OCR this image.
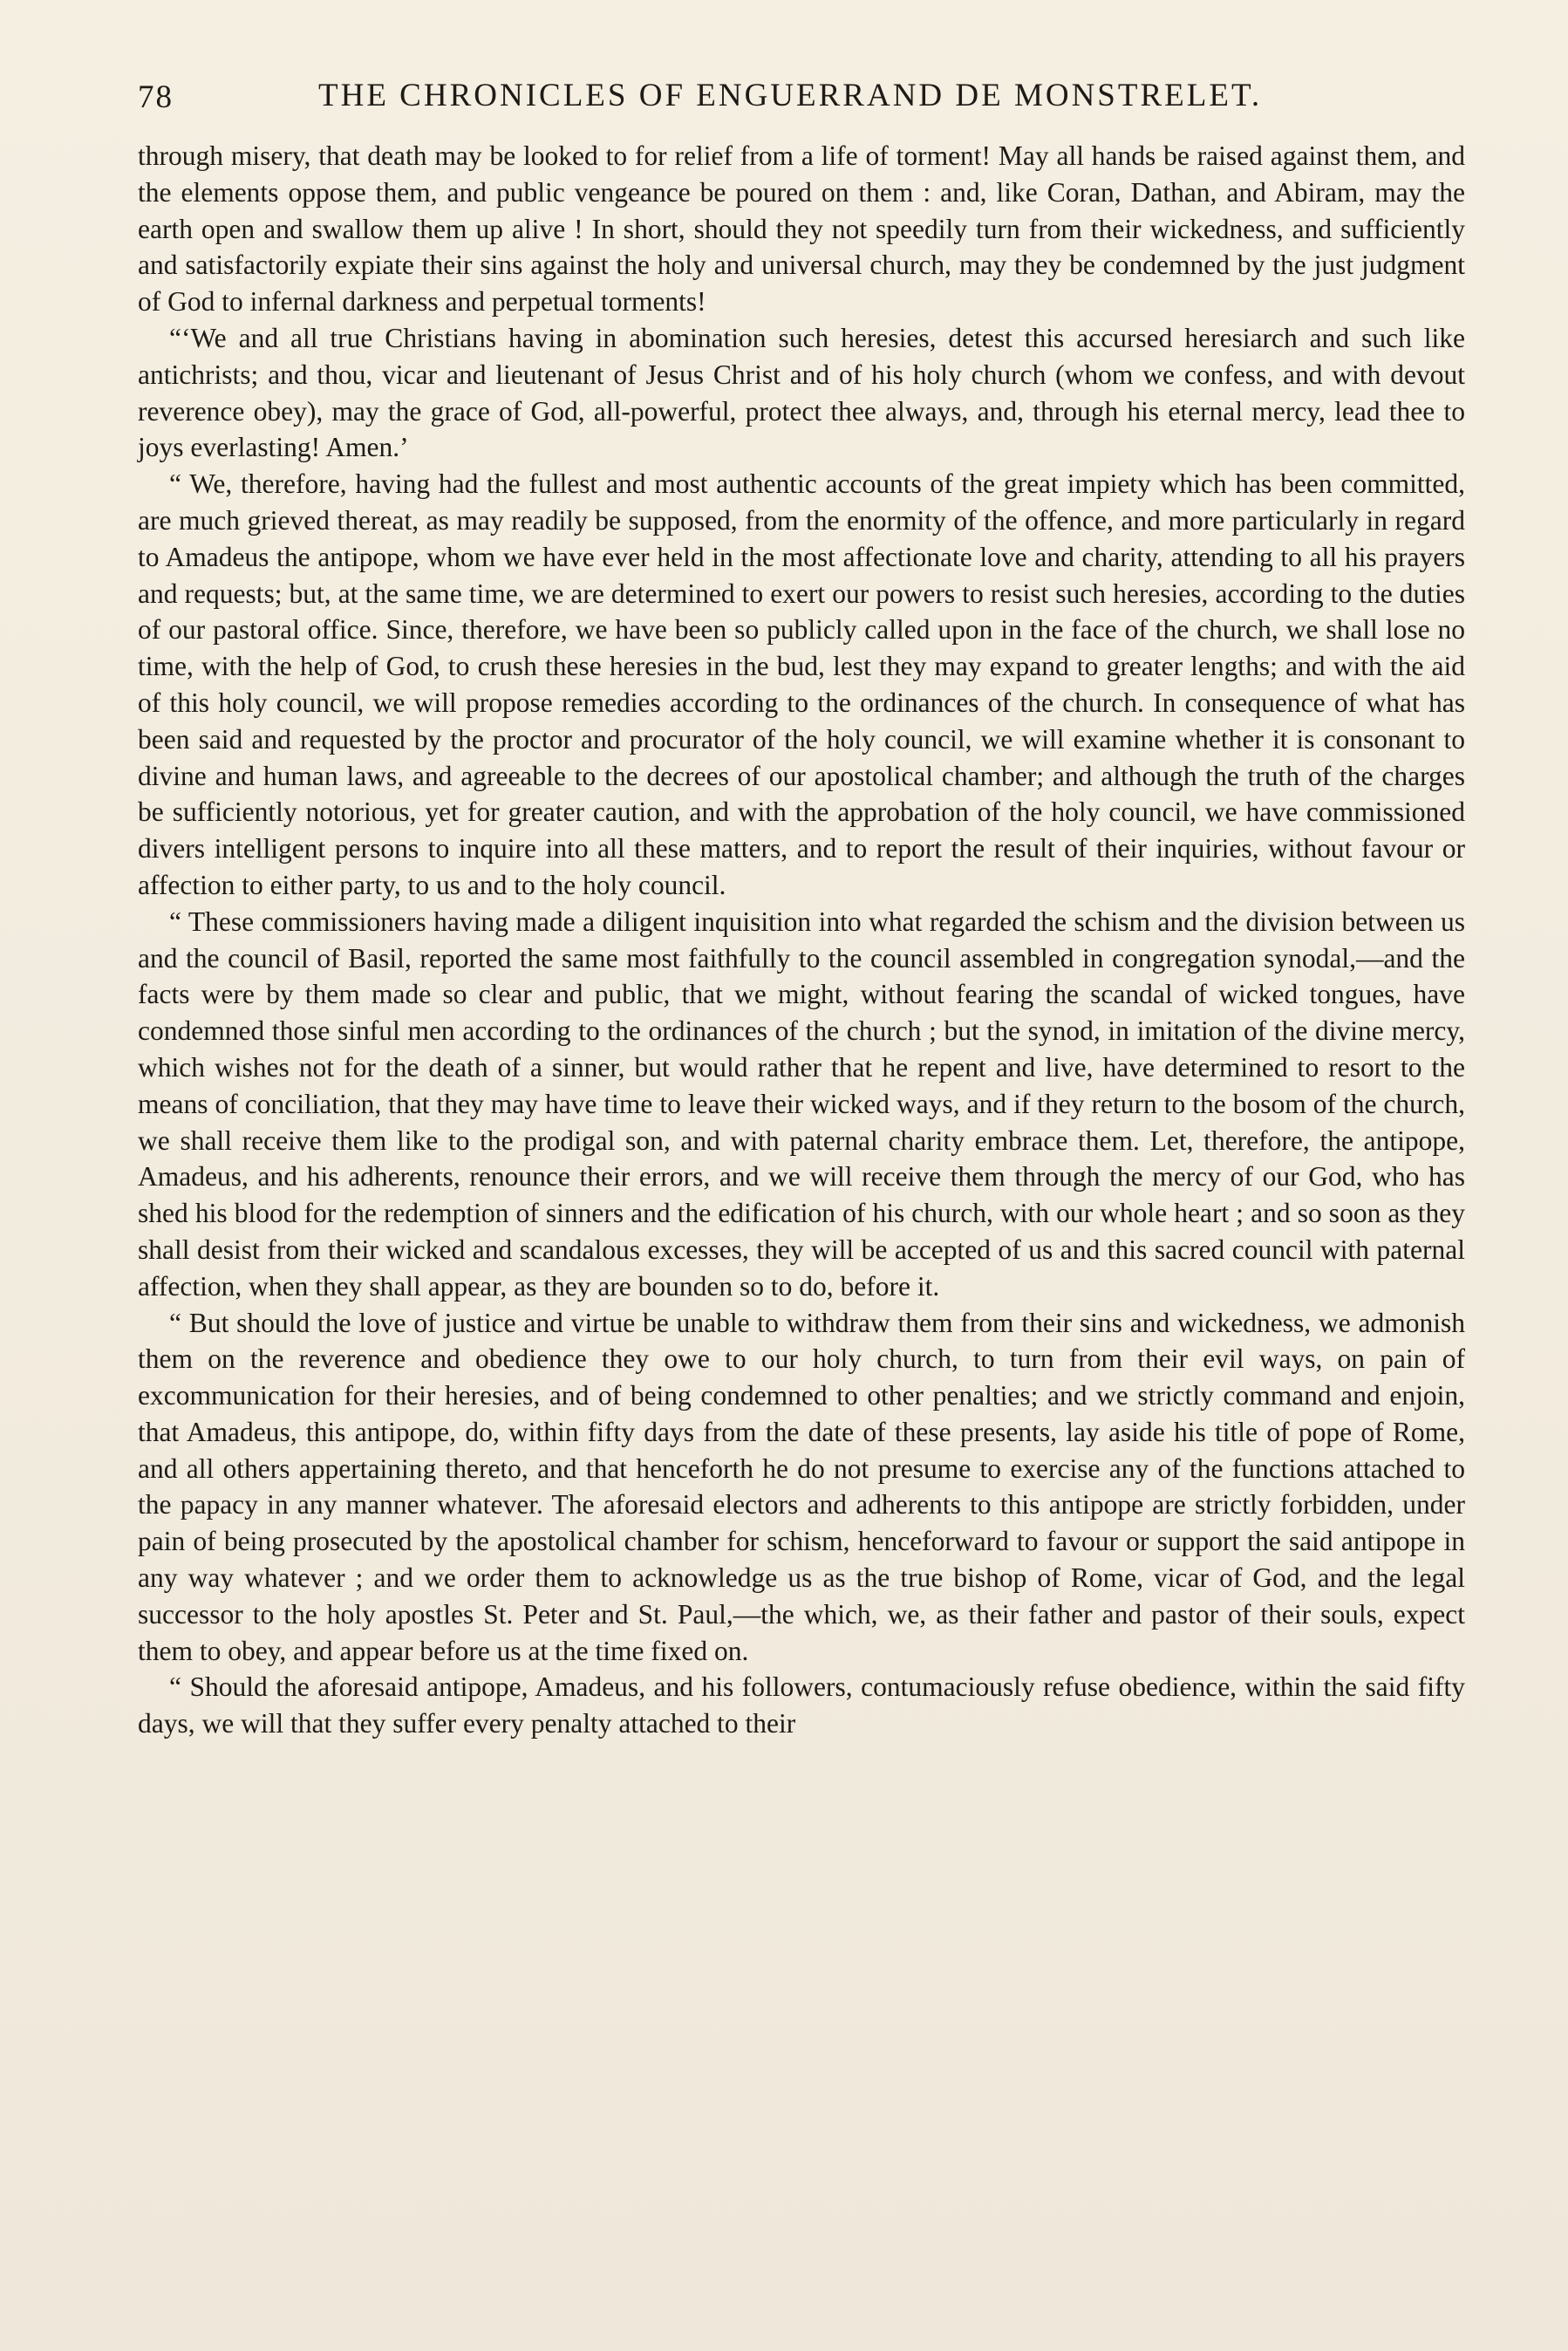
78	THE CHRONICLES OF ENGUERRAND DE MONSTRELET.

through misery, that death may be looked to for relief from a life of torment! May all hands be raised against them, and the elements oppose them, and public vengeance be poured on them : and, like Coran, Dathan, and Abiram, may the earth open and swallow them up alive ! In short, should they not speedily turn from their wickedness, and sufficiently and satisfactorily expiate their sins against the holy and universal church, may they be condemned by the just judgment of God to infernal darkness and perpetual torments!

“‘We and all true Christians having in abomination such heresies, detest this accursed heresiarch and such like antichrists; and thou, vicar and lieutenant of Jesus Christ and of his holy church (whom we confess, and with devout reverence obey), may the grace of God, all-powerful, protect thee always, and, through his eternal mercy, lead thee to joys everlasting! Amen.’

“ We, therefore, having had the fullest and most authentic accounts of the great impiety which has been committed, are much grieved thereat, as may readily be supposed, from the enormity of the offence, and more particularly in regard to Amadeus the antipope, whom we have ever held in the most affectionate love and charity, attending to all his prayers and requests; but, at the same time, we are determined to exert our powers to resist such heresies, according to the duties of our pastoral office. Since, therefore, we have been so publicly called upon in the face of the church, we shall lose no time, with the help of God, to crush these heresies in the bud, lest they may expand to greater lengths; and with the aid of this holy council, we will propose remedies according to the ordinances of the church. In consequence of what has been said and requested by the proctor and procurator of the holy council, we will examine whether it is consonant to divine and human laws, and agreeable to the decrees of our apostolical chamber; and although the truth of the charges be sufficiently notorious, yet for greater caution, and with the approbation of the holy council, we have commissioned divers intelligent persons to inquire into all these matters, and to report the result of their inquiries, without favour or affection to either party, to us and to the holy council.

“ These commissioners having made a diligent inquisition into what regarded the schism and the division between us and the council of Basil, reported the same most faithfully to the council assembled in congregation synodal,—and the facts were by them made so clear and public, that we might, without fearing the scandal of wicked tongues, have condemned those sinful men according to the ordinances of the church ; but the synod, in imitation of the divine mercy, which wishes not for the death of a sinner, but would rather that he repent and live, have determined to resort to the means of conciliation, that they may have time to leave their wicked ways, and if they return to the bosom of the church, we shall receive them like to the prodigal son, and with paternal charity embrace them. Let, therefore, the antipope, Amadeus, and his adherents, renounce their errors, and we will receive them through the mercy of our God, who has shed his blood for the redemption of sinners and the edification of his church, with our whole heart ; and so soon as they shall desist from their wicked and scandalous excesses, they will be accepted of us and this sacred council with paternal affection, when they shall appear, as they are bounden so to do, before it.

“ But should the love of justice and virtue be unable to withdraw them from their sins and wickedness, we admonish them on the reverence and obedience they owe to our holy church, to turn from their evil ways, on pain of excommunication for their heresies, and of being condemned to other penalties; and we strictly command and enjoin, that Amadeus, this antipope, do, within fifty days from the date of these presents, lay aside his title of pope of Rome, and all others appertaining thereto, and that henceforth he do not presume to exercise any of the functions attached to the papacy in any manner whatever. The aforesaid electors and adherents to this antipope are strictly forbidden, under pain of being prosecuted by the apostolical chamber for schism, henceforward to favour or support the said antipope in any way whatever ; and we order them to acknowledge us as the true bishop of Rome, vicar of God, and the legal successor to the holy apostles St. Peter and St. Paul,—the which, we, as their father and pastor of their souls, expect them to obey, and appear before us at the time fixed on.

“ Should the aforesaid antipope, Amadeus, and his followers, contumaciously refuse obedience, within the said fifty days, we will that they suffer every penalty attached to their
